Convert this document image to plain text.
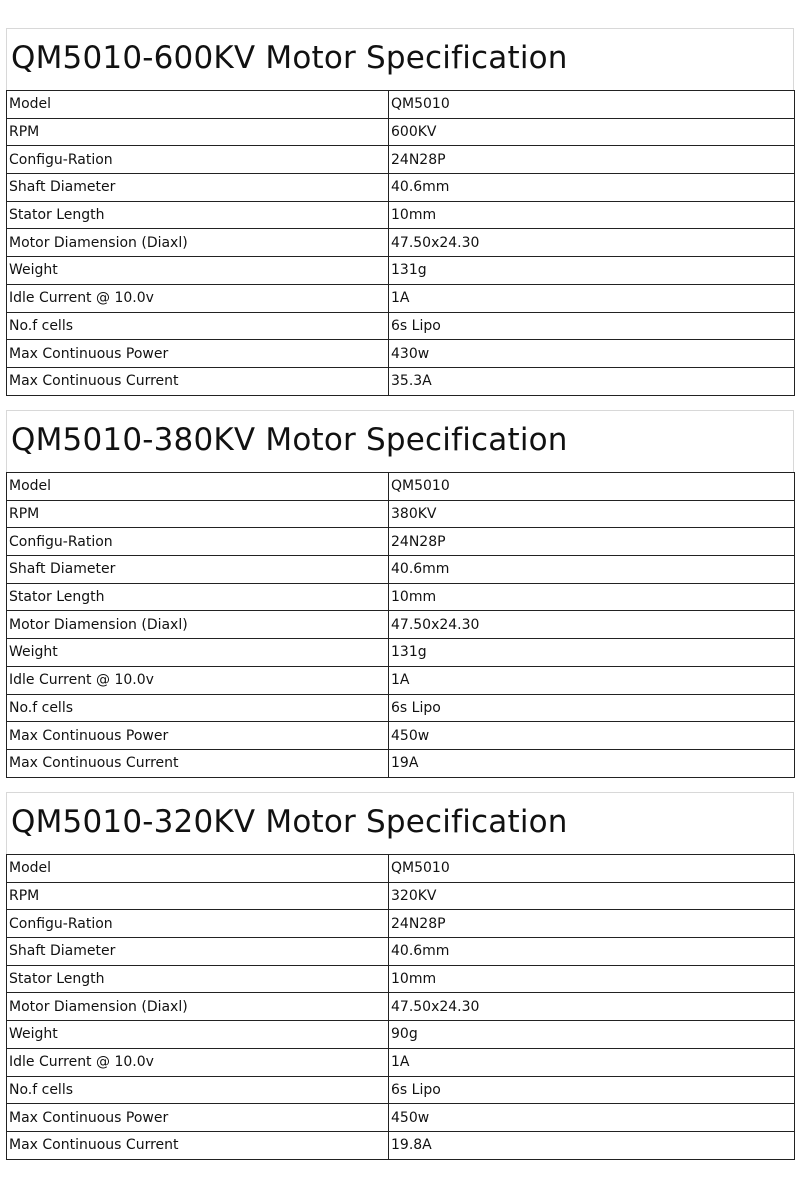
QM5010-600KV Motor Specification
Model	QM5010
RPM	600KV
Configu-Ration	24N28P
Shaft Diameter	40.6mm
Stator Length	10mm
Motor Diamension (Diaxl)	47.50x24.30
Weight	131g
Idle Current @ 10.0v	1A
No.f cells	6s Lipo
Max Continuous Power	430w
Max Continuous Current	35.3A
QM5010-380KV Motor Specification
Model	QM5010
RPM	380KV
Configu-Ration	24N28P
Shaft Diameter	40.6mm
Stator Length	10mm
Motor Diamension (Diaxl)	47.50x24.30
Weight	131g
Idle Current @ 10.0v	1A
No.f cells	6s Lipo
Max Continuous Power	450w
Max Continuous Current	19A
QM5010-320KV Motor Specification
Model	QM5010
RPM	320KV
Configu-Ration	24N28P
Shaft Diameter	40.6mm
Stator Length	10mm
Motor Diamension (Diaxl)	47.50x24.30
Weight	90g
Idle Current @ 10.0v	1A
No.f cells	6s Lipo
Max Continuous Power	450w
Max Continuous Current	19.8A
